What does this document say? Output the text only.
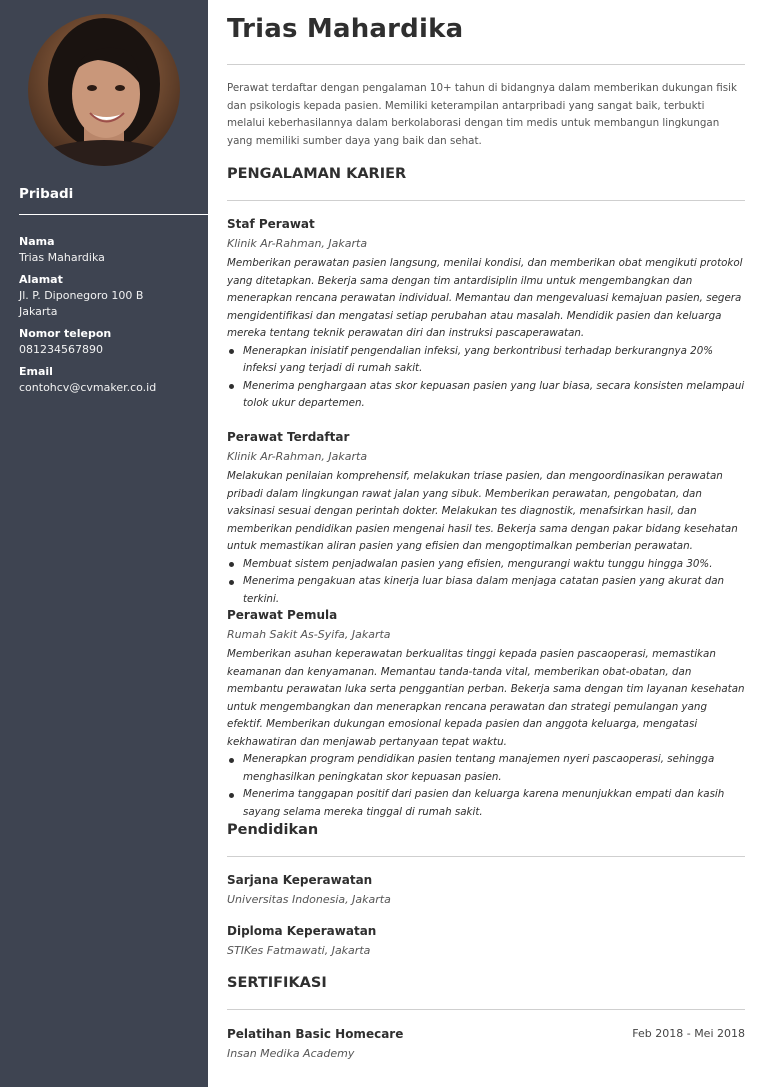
Pribadi
Nama
Trias Mahardika
Alamat
Jl. P. Diponegoro 100 B
Jakarta
Nomor telepon
081234567890
Email
contohcv@cvmaker.co.id
Trias Mahardika

Perawat terdaftar dengan pengalaman 10+ tahun di bidangnya dalam memberikan dukungan fisik dan psikologis kepada pasien. Memiliki keterampilan antarpribadi yang sangat baik, terbukti melalui keberhasilannya dalam berkolaborasi dengan tim medis untuk membangun lingkungan yang memiliki sumber daya yang baik dan sehat.

PENGALAMAN KARIER
Staf Perawat
Klinik Ar-Rahman, Jakarta
Memberikan perawatan pasien langsung, menilai kondisi, dan memberikan obat mengikuti protokol yang ditetapkan. Bekerja sama dengan tim antardisiplin ilmu untuk mengembangkan dan menerapkan rencana perawatan individual. Memantau dan mengevaluasi kemajuan pasien, segera mengidentifikasi dan mengatasi setiap perubahan atau masalah. Mendidik pasien dan keluarga mereka tentang teknik perawatan diri dan instruksi pascaperawatan.
Menerapkan inisiatif pengendalian infeksi, yang berkontribusi terhadap berkurangnya 20% infeksi yang terjadi di rumah sakit.
Menerima penghargaan atas skor kepuasan pasien yang luar biasa, secara konsisten melampaui tolok ukur departemen.
Perawat Terdaftar
Klinik Ar-Rahman, Jakarta
Melakukan penilaian komprehensif, melakukan triase pasien, dan mengoordinasikan perawatan pribadi dalam lingkungan rawat jalan yang sibuk. Memberikan perawatan, pengobatan, dan vaksinasi sesuai dengan perintah dokter. Melakukan tes diagnostik, menafsirkan hasil, dan memberikan pendidikan pasien mengenai hasil tes. Bekerja sama dengan pakar bidang kesehatan untuk memastikan aliran pasien yang efisien dan mengoptimalkan pemberian perawatan.
Membuat sistem penjadwalan pasien yang efisien, mengurangi waktu tunggu hingga 30%.
Menerima pengakuan atas kinerja luar biasa dalam menjaga catatan pasien yang akurat dan terkini.
Perawat Pemula
Rumah Sakit As-Syifa, Jakarta
Memberikan asuhan keperawatan berkualitas tinggi kepada pasien pascaoperasi, memastikan keamanan dan kenyamanan. Memantau tanda-tanda vital, memberikan obat-obatan, dan membantu perawatan luka serta penggantian perban. Bekerja sama dengan tim layanan kesehatan untuk mengembangkan dan menerapkan rencana perawatan dan strategi pemulangan yang efektif. Memberikan dukungan emosional kepada pasien dan anggota keluarga, mengatasi kekhawatiran dan menjawab pertanyaan tepat waktu.
Menerapkan program pendidikan pasien tentang manajemen nyeri pascaoperasi, sehingga menghasilkan peningkatan skor kepuasan pasien.
Menerima tanggapan positif dari pasien dan keluarga karena menunjukkan empati dan kasih sayang selama mereka tinggal di rumah sakit.
Pendidikan
Sarjana Keperawatan
Universitas Indonesia, Jakarta
Diploma Keperawatan
STIKes Fatmawati, Jakarta
SERTIFIKASI
Pelatihan Basic Homecare
Insan Medika Academy
Feb 2018 - Mei 2018
